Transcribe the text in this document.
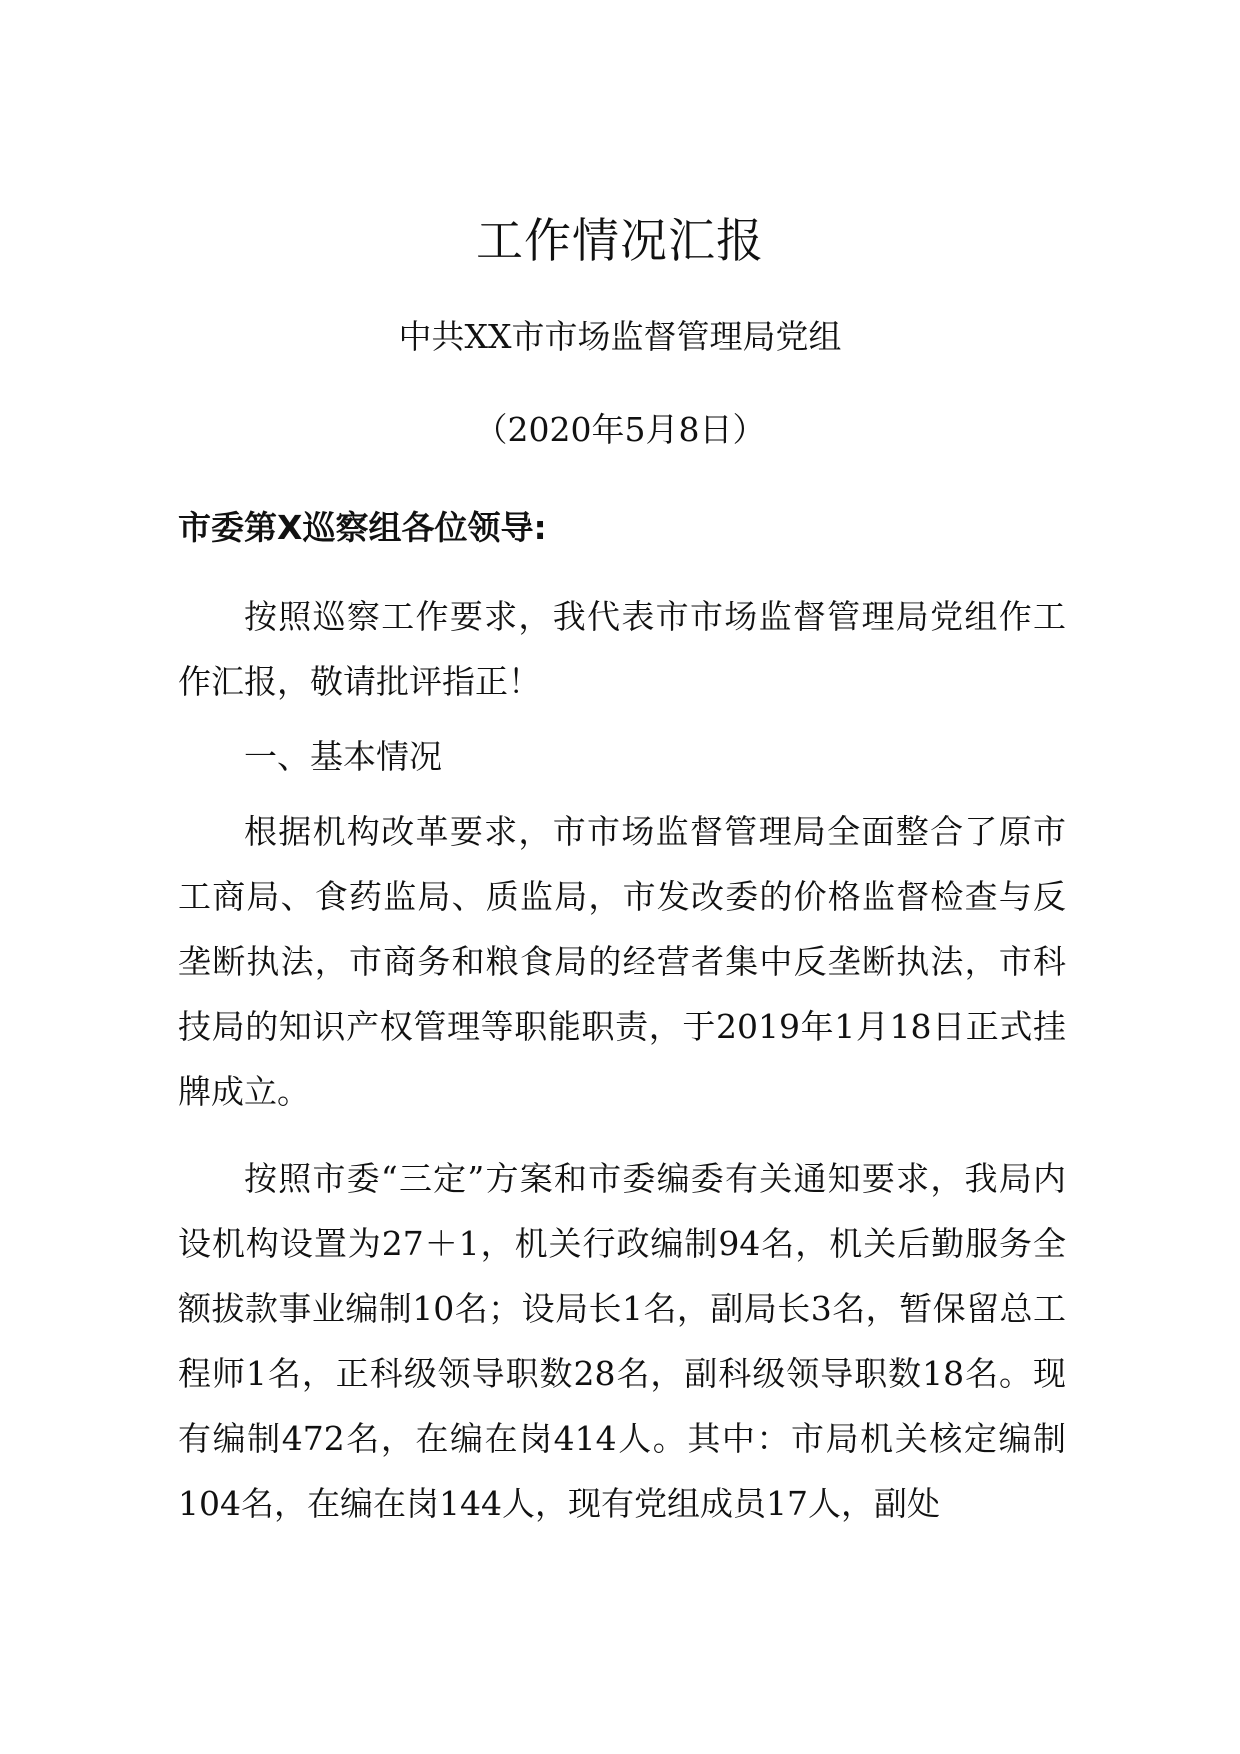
工作情况汇报
中共XX市市场监督管理局党组
（2020年5月8日）
市委第X巡察组各位领导:

按照巡察工作要求，我代表市市场监督管理局党组作工作汇报，敬请批评指正！

一、基本情况

根据机构改革要求，市市场监督管理局全面整合了原市工商局、食药监局、质监局，市发改委的价格监督检查与反垄断执法，市商务和粮食局的经营者集中反垄断执法，市科技局的知识产权管理等职能职责，于2019年1月18日正式挂牌成立。

按照市委“三定”方案和市委编委有关通知要求，我局内设机构设置为27＋1，机关行政编制94名，机关后勤服务全额拔款事业编制10名；设局长1名，副局长3名，暂保留总工程师1名，正科级领导职数28名，副科级领导职数18名。现有编制472名，在编在岗414人。其中：市局机关核定编制104名，在编在岗144人，现有党组成员17人，副处
